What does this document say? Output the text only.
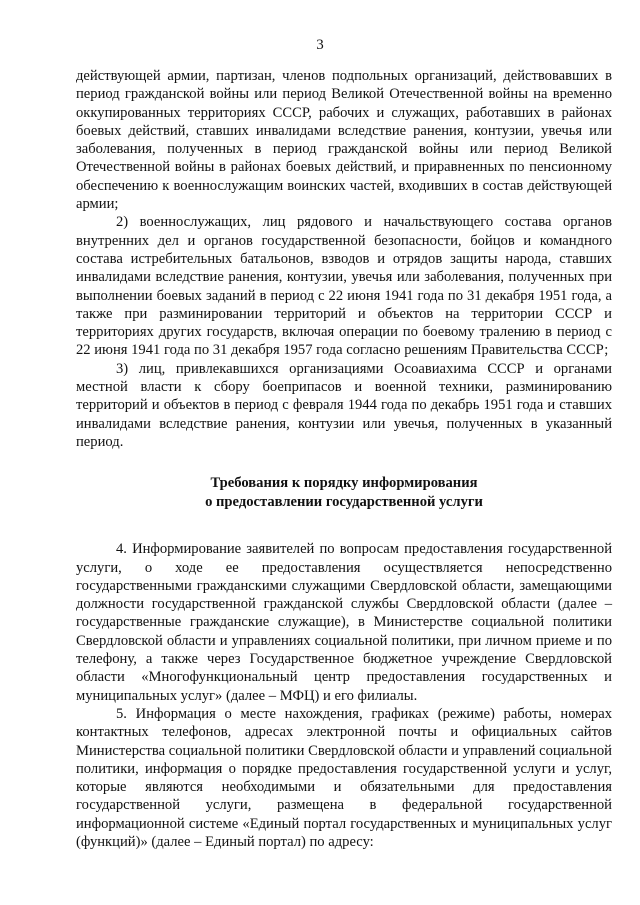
3

действующей армии, партизан, членов подпольных организаций, действовавших в период гражданской войны или период Великой Отечественной войны на временно оккупированных территориях СССР, рабочих и служащих, работавших в районах боевых действий, ставших инвалидами вследствие ранения, контузии, увечья или заболевания, полученных в период гражданской войны или период Великой Отечественной войны в районах боевых действий, и приравненных по пенсионному обеспечению к военнослужащим воинских частей, входивших в состав действующей армии;

2) военнослужащих, лиц рядового и начальствующего состава органов внутренних дел и органов государственной безопасности, бойцов и командного состава истребительных батальонов, взводов и отрядов защиты народа, ставших инвалидами вследствие ранения, контузии, увечья или заболевания, полученных при выполнении боевых заданий в период с 22 июня 1941 года по 31 декабря 1951 года, а также при разминировании территорий и объектов на территории СССР и территориях других государств, включая операции по боевому тралению в период с 22 июня 1941 года по 31 декабря 1957 года согласно решениям Правительства СССР;

3) лиц, привлекавшихся организациями Осоавиахима СССР и органами местной власти к сбору боеприпасов и военной техники, разминированию территорий и объектов в период с февраля 1944 года по декабрь 1951 года и ставших инвалидами вследствие ранения, контузии или увечья, полученных в указанный период.

Требования к порядку информирования
о предоставлении государственной услуги

4. Информирование заявителей по вопросам предоставления государственной услуги, о ходе ее предоставления осуществляется непосредственно государственными гражданскими служащими Свердловской области, замещающими должности государственной гражданской службы Свердловской области (далее – государственные гражданские служащие), в Министерстве социальной политики Свердловской области и управлениях социальной политики, при личном приеме и по телефону, а также через Государственное бюджетное учреждение Свердловской области «Многофункциональный центр предоставления государственных и муниципальных услуг» (далее – МФЦ) и его филиалы.

5. Информация о месте нахождения, графиках (режиме) работы, номерах контактных телефонов, адресах электронной почты и официальных сайтов Министерства социальной политики Свердловской области и управлений социальной политики, информация о порядке предоставления государственной услуги и услуг, которые являются необходимыми и обязательными для предоставления государственной услуги, размещена в федеральной государственной информационной системе «Единый портал государственных и муниципальных услуг (функций)» (далее – Единый портал) по адресу:
